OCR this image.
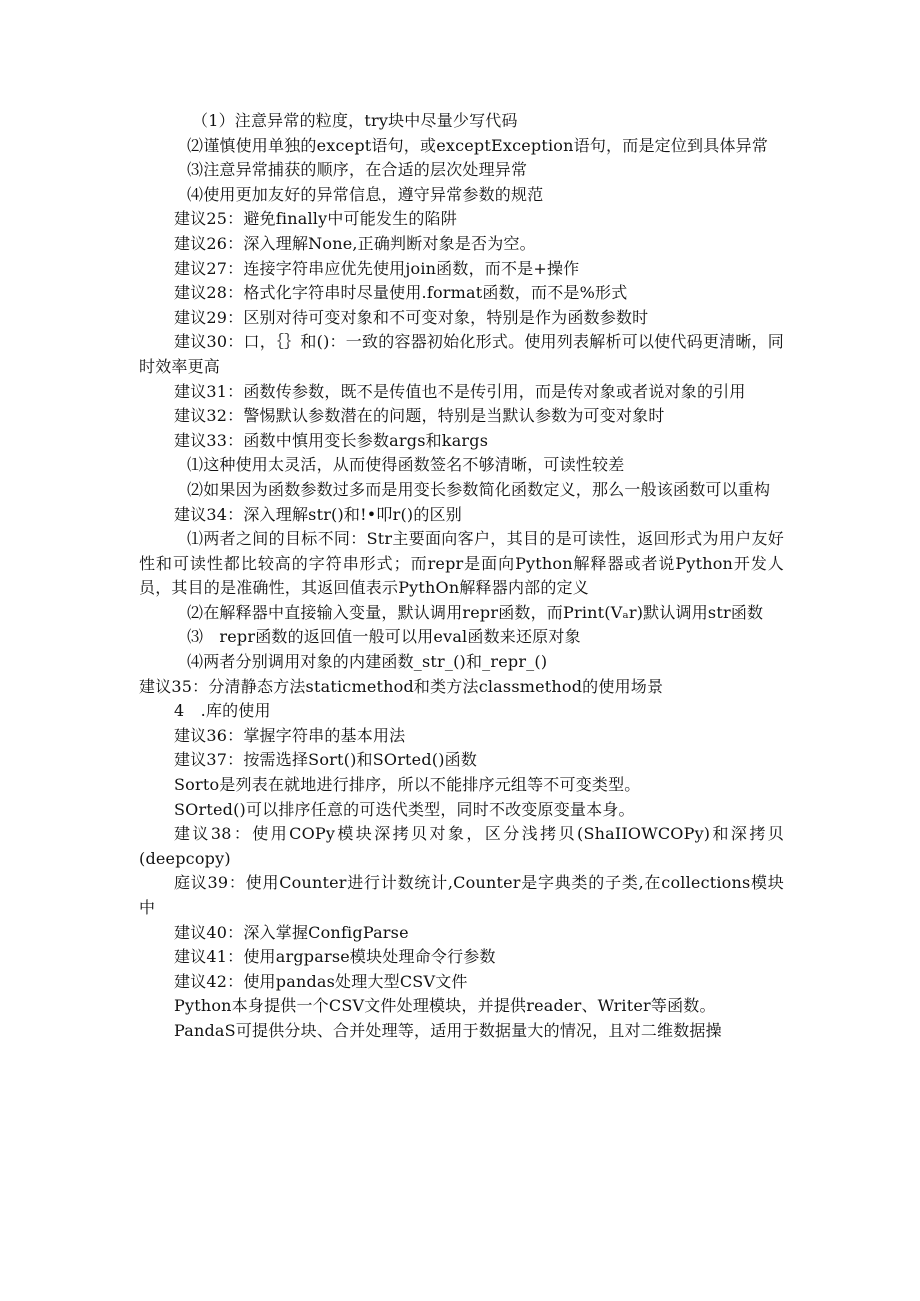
（1）注意异常的粒度，try块中尽量少写代码

⑵谨慎使用单独的except语句，或exceptException语句，而是定位到具体异常

⑶注意异常捕获的顺序，在合适的层次处理异常

⑷使用更加友好的异常信息，遵守异常参数的规范

建议25：避免finally中可能发生的陷阱

建议26：深入理解None,正确判断对象是否为空。

建议27：连接字符串应优先使用join函数，而不是+操作

建议28：格式化字符串时尽量使用.format函数，而不是%形式

建议29：区别对待可变对象和不可变对象，特别是作为函数参数时

建议30：口，｛｝和()：一致的容器初始化形式。使用列表解析可以使代码更清晰，同时效率更高

建议31：函数传参数，既不是传值也不是传引用，而是传对象或者说对象的引用

建议32：警惕默认参数潜在的问题，特别是当默认参数为可变对象时

建议33：函数中慎用变长参数args和kargs

⑴这种使用太灵活，从而使得函数签名不够清晰，可读性较差

⑵如果因为函数参数过多而是用变长参数简化函数定义，那么一般该函数可以重构

建议34：深入理解str()和!•叩r()的区别

⑴两者之间的目标不同：Str主要面向客户，其目的是可读性，返回形式为用户友好性和可读性都比较高的字符串形式；而repr是面向Python解释器或者说Python开发人员，其目的是准确性，其返回值表示PythOn解释器内部的定义

⑵在解释器中直接输入变量，默认调用repr函数，而Print(Vₐr)默认调用str函数

⑶　repr函数的返回值一般可以用eval函数来还原对象

⑷两者分别调用对象的内建函数_str_()和_repr_()

建议35：分清静态方法staticmethod和类方法classmethod的使用场景

4　.库的使用

建议36：掌握字符串的基本用法

建议37：按需选择Sort()和SOrted()函数

Sorto是列表在就地进行排序，所以不能排序元组等不可变类型。

SOrted()可以排序任意的可迭代类型，同时不改变原变量本身。

建议38：使用COPy模块深拷贝对象，区分浅拷贝(ShaIIOWCOPy)和深拷贝(deepcopy)

庭议39：使用Counter进行计数统计,Counter是字典类的子类,在collections模块中

建议40：深入掌握ConfigParse

建议41：使用argparse模块处理命令行参数

建议42：使用pandas处理大型CSV文件

Python本身提供一个CSV文件处理模块，并提供reader、Writer等函数。

PandaS可提供分块、合并处理等，适用于数据量大的情况，且对二维数据操
